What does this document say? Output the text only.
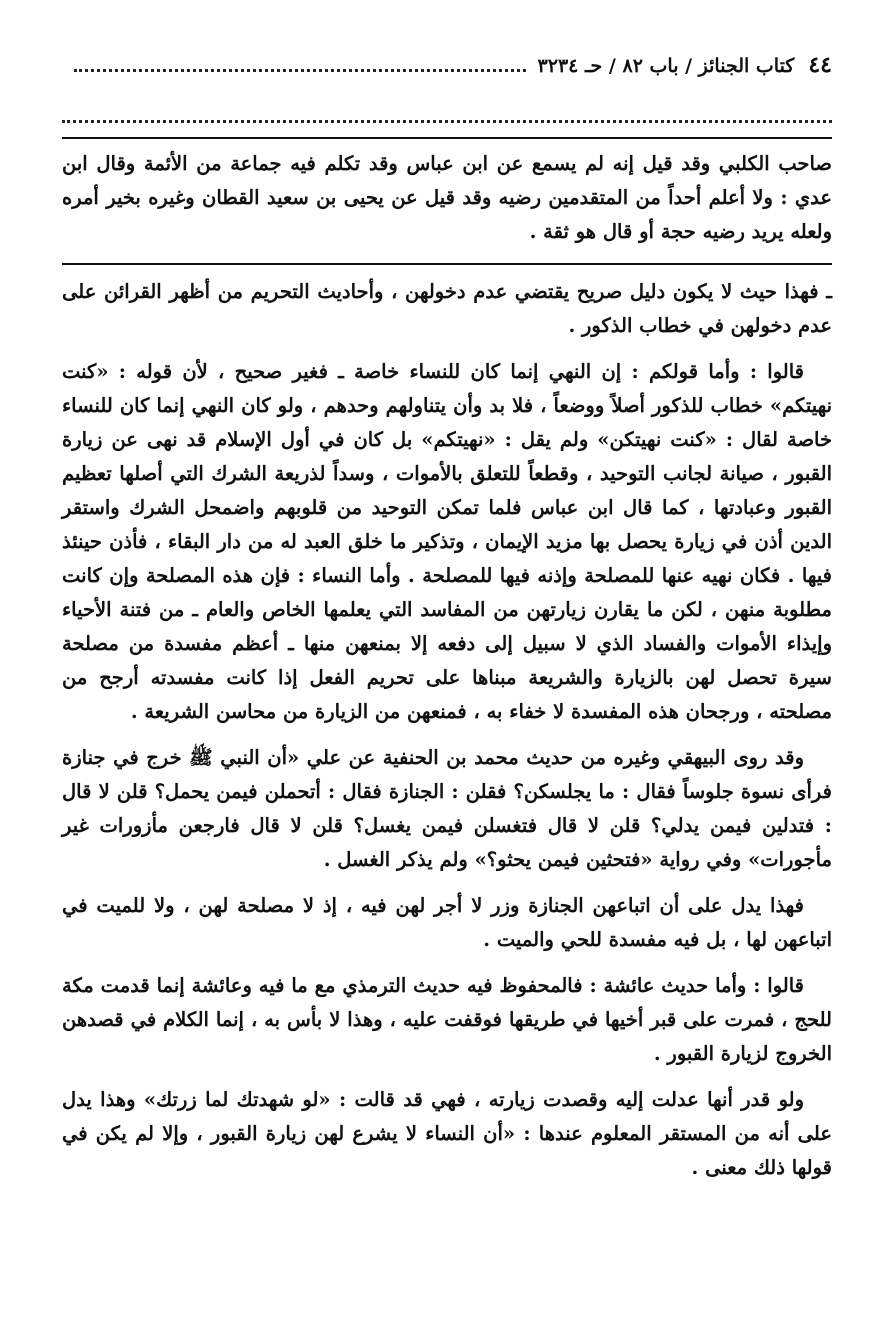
٤٤
كتاب الجنائز / باب ٨٢ / حـ ٣٢٣٤

صاحب الكلبي وقد قيل إنه لم يسمع عن ابن عباس وقد تكلم فيه جماعة من الأئمة وقال ابن عدي : ولا أعلم أحداً من المتقدمين رضيه وقد قيل عن يحيى بن سعيد القطان وغيره بخير أمره ولعله يريد رضيه حجة أو قال هو ثقة .

ـ فهذا حيث لا يكون دليل صريح يقتضي عدم دخولهن ، وأحاديث التحريم من أظهر القرائن على عدم دخولهن في خطاب الذكور .

قالوا : وأما قولكم : إن النهي إنما كان للنساء خاصة ـ فغير صحيح ، لأن قوله : «كنت نهيتكم» خطاب للذكور أصلاً ووضعاً ، فلا بد وأن يتناولهم وحدهم ، ولو كان النهي إنما كان للنساء خاصة لقال : «كنت نهيتكن» ولم يقل : «نهيتكم» بل كان في أول الإسلام قد نهى عن زيارة القبور ، صيانة لجانب التوحيد ، وقطعاً للتعلق بالأموات ، وسداً لذريعة الشرك التي أصلها تعظيم القبور وعبادتها ، كما قال ابن عباس فلما تمكن التوحيد من قلوبهم واضمحل الشرك واستقر الدين أذن في زيارة يحصل بها مزيد الإيمان ، وتذكير ما خلق العبد له من دار البقاء ، فأذن حينئذ فيها . فكان نهيه عنها للمصلحة وإذنه فيها للمصلحة . وأما النساء : فإن هذه المصلحة وإن كانت مطلوبة منهن ، لكن ما يقارن زيارتهن من المفاسد التي يعلمها الخاص والعام ـ من فتنة الأحياء وإيذاء الأموات والفساد الذي لا سبيل إلى دفعه إلا بمنعهن منها ـ أعظم مفسدة من مصلحة سيرة تحصل لهن بالزيارة والشريعة مبناها على تحريم الفعل إذا كانت مفسدته أرجح من مصلحته ، ورجحان هذه المفسدة لا خفاء به ، فمنعهن من الزيارة من محاسن الشريعة .

وقد روى البيهقي وغيره من حديث محمد بن الحنفية عن علي «أن النبي ﷺ خرج في جنازة فرأى نسوة جلوساً فقال : ما يجلسكن؟ فقلن : الجنازة فقال : أتحملن فيمن يحمل؟ قلن لا قال : فتدلين فيمن يدلي؟ قلن لا قال فتغسلن فيمن يغسل؟ قلن لا قال فارجعن مأزورات غير مأجورات» وفي رواية «فتحثين فيمن يحثو؟» ولم يذكر الغسل .

فهذا يدل على أن اتباعهن الجنازة وزر لا أجر لهن فيه ، إذ لا مصلحة لهن ، ولا للميت في اتباعهن لها ، بل فيه مفسدة للحي والميت .

قالوا : وأما حديث عائشة : فالمحفوظ فيه حديث الترمذي مع ما فيه وعائشة إنما قدمت مكة للحج ، فمرت على قبر أخيها في طريقها فوقفت عليه ، وهذا لا بأس به ، إنما الكلام في قصدهن الخروج لزيارة القبور .

ولو قدر أنها عدلت إليه وقصدت زيارته ، فهي قد قالت : «لو شهدتك لما زرتك» وهذا يدل على أنه من المستقر المعلوم عندها : «أن النساء لا يشرع لهن زيارة القبور ، وإلا لم يكن في قولها ذلك معنى .
